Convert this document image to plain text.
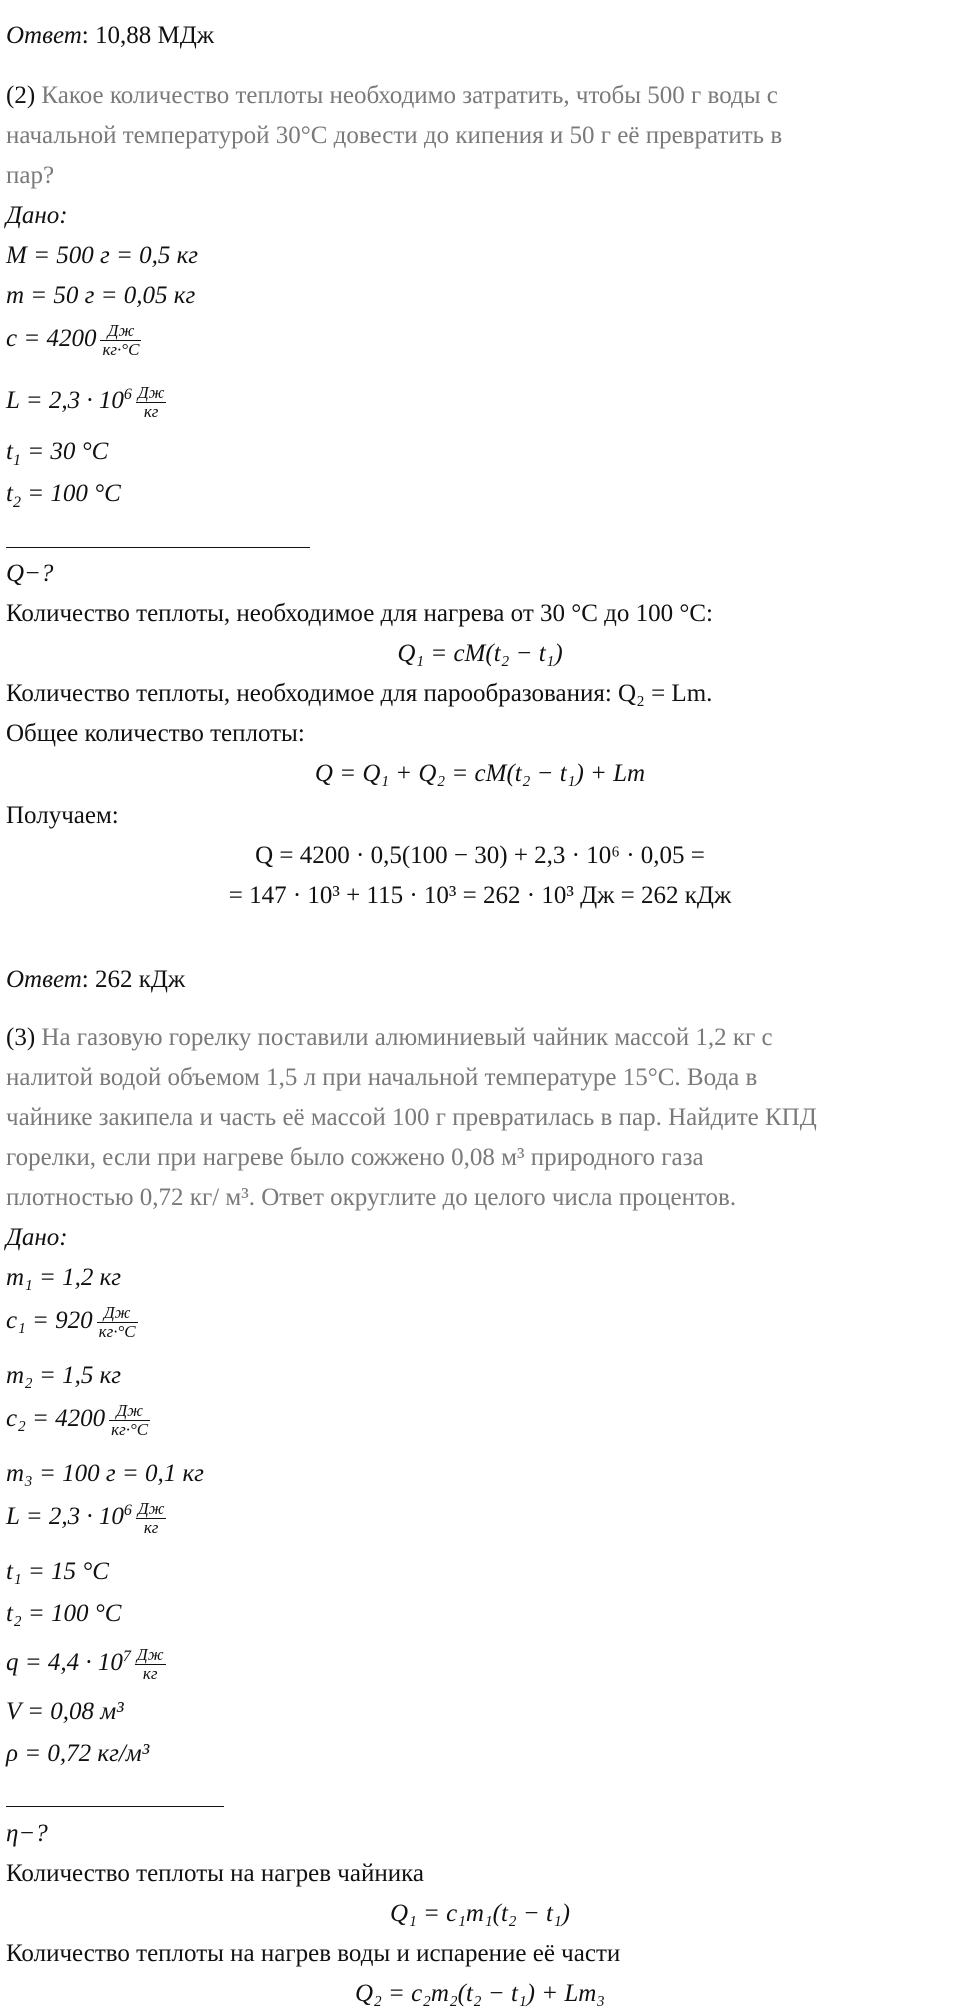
Ответ: 10,88 МДж
(2) Какое количество теплоты необходимо затратить, чтобы 500 г воды с
начальной температурой 30°С довести до кипения и 50 г её превратить в
пар?
Дано:
M = 500 г = 0,5 кг
m = 50 г = 0,05 кг
$c = 4200 \frac{Дж}{кг\cdot^\circ С}$
$L = 2,3 \cdot 10^6 \frac{Дж}{кг}$
$t_1 = 30$ °С
$t_2 = 100$ °С
Q−?
Количество теплоты, необходимое для нагрева от 30 °С до 100 °С:
Q₁ = cM(t₂ − t₁)
Количество теплоты, необходимое для парообразования: Q₂ = Lm.
Общее количество теплоты:
Q = Q₁ + Q₂ = cM(t₂ − t₁) + Lm
Получаем:
Q = 4200 · 0,5(100 − 30) + 2,3 · 10⁶ · 0,05 =
= 147 · 10³ + 115 · 10³ = 262 · 10³ Дж = 262 кДж
Ответ: 262 кДж
(3) На газовую горелку поставили алюминиевый чайник массой 1,2 кг с
налитой водой объемом 1,5 л при начальной температуре 15°С. Вода в
чайнике закипела и часть её массой 100 г превратилась в пар. Найдите КПД
горелки, если при нагреве было сожжено 0,08 м³ природного газа
плотностью 0,72 кг/ м³. Ответ округлите до целого числа процентов.
Дано:
m₁ = 1,2 кг
$c_1 = 920 \frac{Дж}{кг\cdot^\circ С}$
m₂ = 1,5 кг
$c_2 = 4200 \frac{Дж}{кг\cdot^\circ С}$
m₃ = 100 г = 0,1 кг
$L = 2,3 \cdot 10^6 \frac{Дж}{кг}$
t₁ = 15 °С
t₂ = 100 °С
$q = 4,4 \cdot 10^7 \frac{Дж}{кг}$
V = 0,08 м³
ρ = 0,72 кг/м³
η−?
Количество теплоты на нагрев чайника
Q₁ = c₁m₁(t₂ − t₁)
Количество теплоты на нагрев воды и испарение её части
Q₂ = c₂m₂(t₂ − t₁) + Lm₃
